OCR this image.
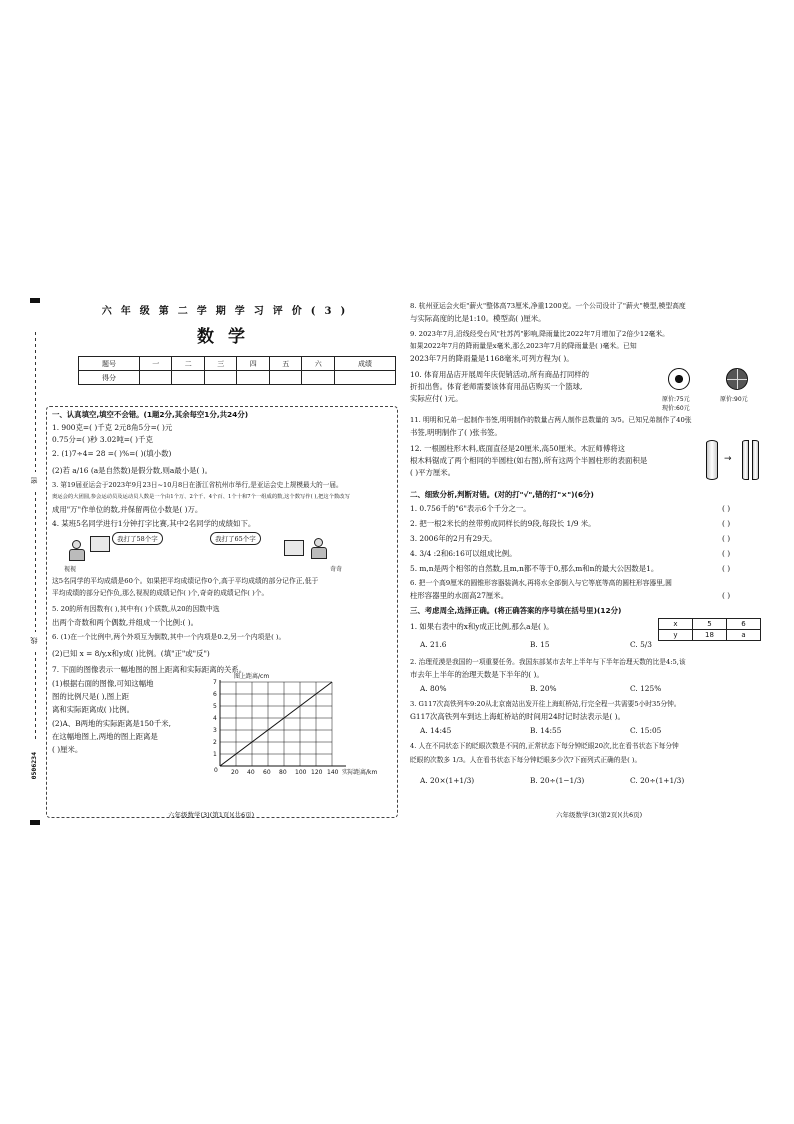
密
线
0506234
六年级第二学期学习评价(3)
数学
题号	一	二	三	四	五	六	成绩
得分							
一、认真填空,填空不会错。(1题2分,其余每空1分,共24分)
1. 900克=( )千克 2元8角5分=( )元
0.75分=( )秒 3.02吨=( )千克
2. (1)7÷4= 28 =( )%=( )(填小数)
(2)若 a/16 (a是自然数)是假分数,则a最小是( )。
3. 第19届亚运会于2023年9月23日~10月8日在浙江省杭州市举行,是亚运会史上规模最大的一届。
奥运会的大团圆,参会运动员及运动员人数是一个由1个万、2个千、4个百、1个十和7个一组成的数,这个数写作( ),把这个数改写
成用"万"作单位的数,并保留两位小数是( )万。
4. 某班5名同学进行1分钟打字比赛,其中2名同学的成绩如下。
视视
我打了58个字	我打了65个字
奇奇
这5名同学的平均成绩是60个。如果把平均成绩记作0个,高于平均成绩的部分记作正,低于
平均成绩的部分记作负,那么视视的成绩记作( )个,奇奇的成绩记作( )个。
5. 20的所有因数有( ),其中有( )个质数,从20的因数中选
出两个奇数和两个偶数,并组成一个比例:( )。
6. (1)在一个比例中,两个外项互为倒数,其中一个内项是0.2,另一个内项是( )。
(2)已知 x = 8/y,x和y成( )比例。(填"正"或"反")
7. 下面的图像表示一幅地图的图上距离和实际距离的关系。
(1)根据右面的图像,可知这幅地
图的比例尺是( ),图上距
离和实际距离成( )比例。
(2)A、B两地的实际距离是150千米,
在这幅地图上,两地的图上距离是
( )厘米。
图上距离/cm
实际距离/km
0
1
2
3
4
5
6
7
20 40 60 80 100 120 140
六年级数学(3)(第1页)(共6页)
8. 杭州亚运会火炬"薪火"整体高73厘米,净重1200克。一个公司设计了"薪火"模型,模型高度
与实际高度的比是1:10。模型高( )厘米。
9. 2023年7月,沿线经受台风"杜苏芮"影响,降雨量比2022年7月增加了2倍少12毫米。
如果2022年7月的降雨量是x毫米,那么2023年7月的降雨量是( )毫米。已知
2023年7月的降雨量是1168毫米,可列方程为( )。
10. 体育用品店开展周年庆促销活动,所有商品打同样的
折扣出售。体育老师需要该体育用品店购买一个篮球,
实际应付( )元。	原价:75元
现价:60元
原价:90元
11. 明明和兄弟一起制作书签,明明制作的数量占两人制作总数量的 3/5。已知兄弟制作了40张
书签,明明制作了( )张书签。
12. 一根圆柱形木料,底面直径是20厘米,高50厘米。木匠师傅将这
根木料锯成了两个相同的半圆柱(如右图),所有这两个半圆柱形的表面积是
( )平方厘米。
→
二、细致分析,判断对错。(对的打"√",错的打"×")(6分)
1. 0.756千的"6"表示6个千分之一。
2. 把一根2米长的丝带剪成同样长的9段,每段长 1/9 米。
3. 2006年的2月有29天。
4. 3/4 :2和6:16可以组成比例。
5. m,n是两个相邻的自然数,且m,n都不等于0,那么m和n的最大公因数是1。
6. 把一个高9厘米的圆锥形容器装满水,再将水全部倒入与它等底等高的圆柱形容器里,圆
柱形容器里的水面高27厘米。
( )
( )
( )
( )
( )
( )
三、考虑周全,选择正确。(将正确答案的序号填在括号里)(12分)
1. 如果右表中的x和y成正比例,那么a是( )。	x	5	6
y	18	a
A. 21.6	B. 15	C. 5/3
2. 治理荒漠是我国的一项重要任务。我国东部某市去年上半年与下半年治理天数的比是4:5,该
市去年上半年的治理天数是下半年的( )。
A. 80%	B. 20%	C. 125%
3. G117次高铁列车9:20从北京南站出发开往上海虹桥站,行完全程一共需要5小时35分钟。
G117次高铁列车到达上海虹桥站的时间用24时记时法表示是( )。
A. 14:45	B. 14:55	C. 15:05
4. 人在不同状态下的眨眼次数是不同的,正常状态下每分钟眨眼20次,比在看书状态下每分钟
眨眼的次数多 1/3。人在看书状态下每分钟眨眼多少次?下面列式正确的是( )。
A. 20×(1+1/3)	B. 20÷(1−1/3)	C. 20÷(1+1/3)
六年级数学(3)(第2页)(共6页)
